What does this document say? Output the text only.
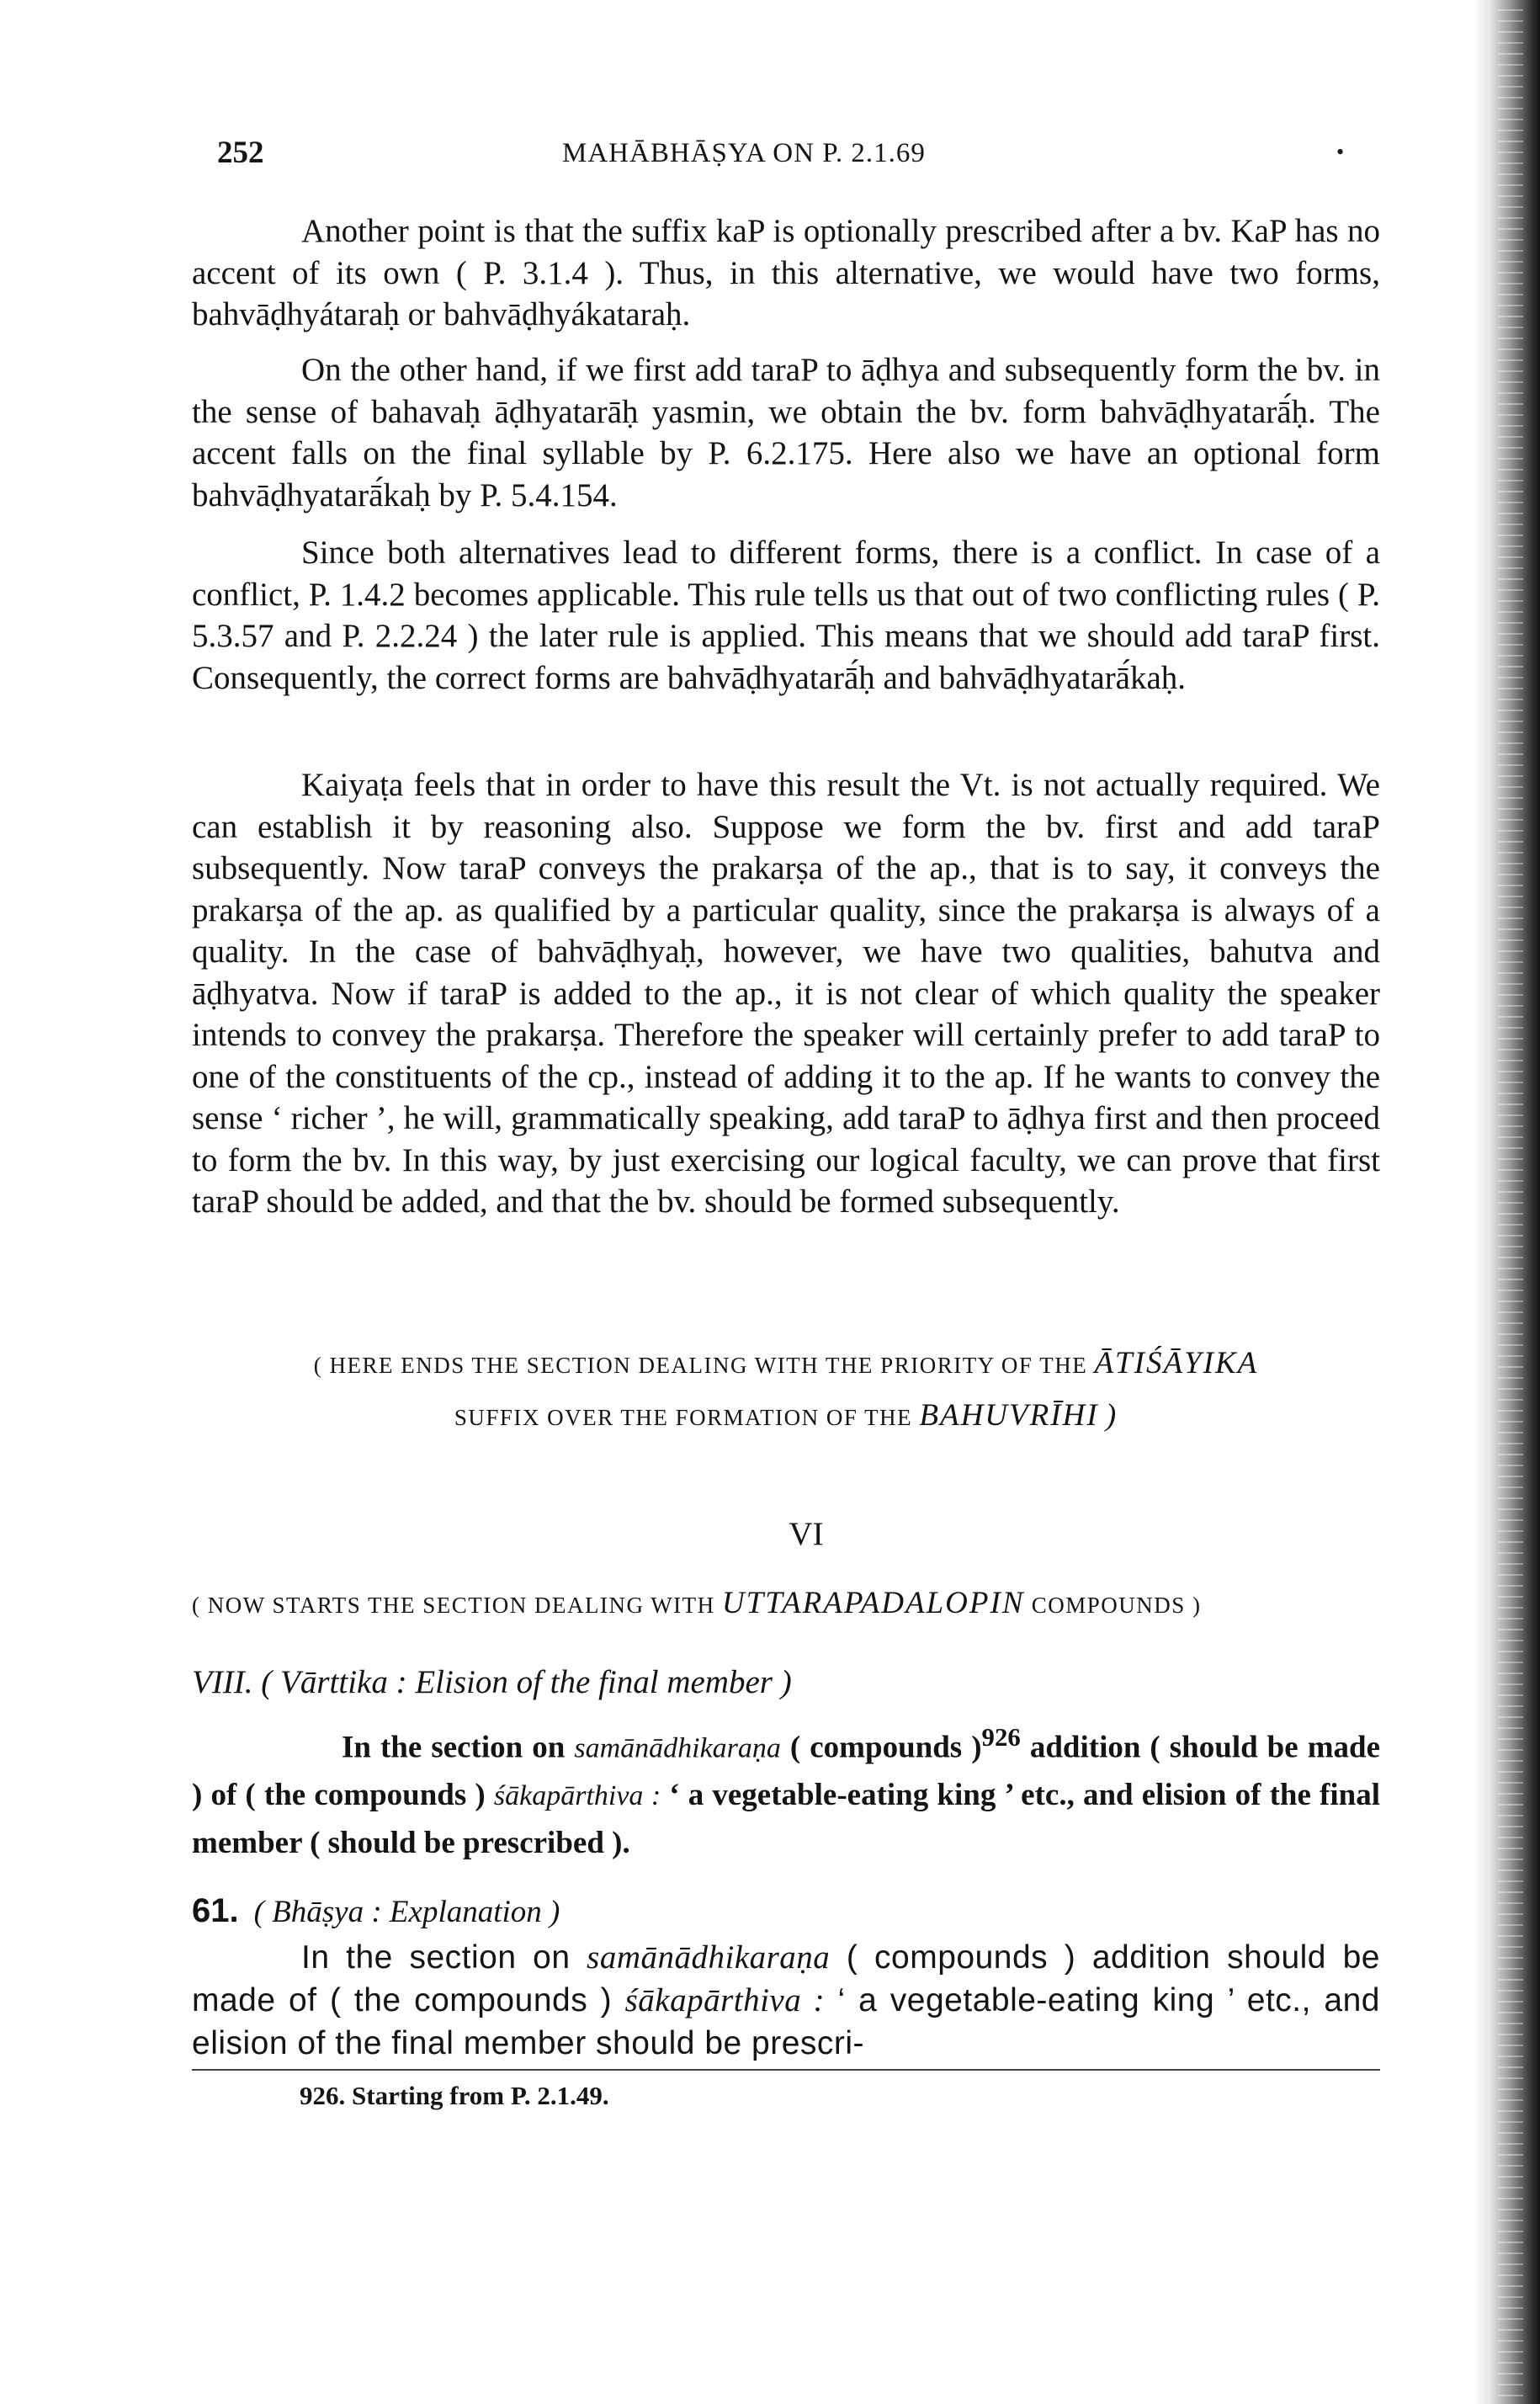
252	MAHĀBHĀṢYA ON P. 2.1.69	•

Another point is that the suffix kaP is optionally prescribed after a bv. KaP has no accent of its own ( P. 3.1.4 ). Thus, in this alternative, we would have two forms, bahvāḍhyátaraḥ or bahvāḍhyákataraḥ.

On the other hand, if we first add taraP to āḍhya and subsequently form the bv. in the sense of bahavaḥ āḍhyatarāḥ yasmin, we obtain the bv. form bahvāḍhyatarā́ḥ. The accent falls on the final syllable by P. 6.2.175. Here also we have an optional form bahvāḍhyatarā́kaḥ by P. 5.4.154.

Since both alternatives lead to different forms, there is a conflict. In case of a conflict, P. 1.4.2 becomes applicable. This rule tells us that out of two conflicting rules ( P. 5.3.57 and P. 2.2.24 ) the later rule is applied. This means that we should add taraP first. Consequently, the correct forms are bahvāḍhyatarā́ḥ and bahvāḍhyatarā́kaḥ.

Kaiyaṭa feels that in order to have this result the Vt. is not actually required. We can establish it by reasoning also. Suppose we form the bv. first and add taraP subsequently. Now taraP conveys the prakarṣa of the ap., that is to say, it conveys the prakarṣa of the ap. as qualified by a particular quality, since the prakarṣa is always of a quality. In the case of bahvāḍhyaḥ, however, we have two qualities, bahutva and āḍhyatva. Now if taraP is added to the ap., it is not clear of which quality the speaker intends to convey the prakarṣa. Therefore the speaker will certainly prefer to add taraP to one of the constituents of the cp., instead of adding it to the ap. If he wants to convey the sense ‘ richer ’, he will, grammatically speaking, add taraP to āḍhya first and then proceed to form the bv. In this way, by just exercising our logical faculty, we can prove that first taraP should be added, and that the bv. should be formed subsequently.

( HERE ENDS THE SECTION DEALING WITH THE PRIORITY OF THE ĀTIŚĀYIKA
SUFFIX OVER THE FORMATION OF THE BAHUVRĪHI )
VI
( NOW STARTS THE SECTION DEALING WITH UTTARAPADALOPIN COMPOUNDS )
VIII. ( Vārttika : Elision of the final member )

In the section on samānādhikaraṇa ( compounds )$^{926}$ addition ( should be made ) of ( the compounds ) śākapārthiva : ‘ a vegetable-eating king ’ etc., and elision of the final member ( should be prescribed ).

61. ( Bhāṣya : Explanation )

In the section on samānādhikaraṇa ( compounds ) addition should be made of ( the compounds ) śākapārthiva : ‘ a vegetable-eating king ’ etc., and elision of the final member should be prescri-

926. Starting from P. 2.1.49.
